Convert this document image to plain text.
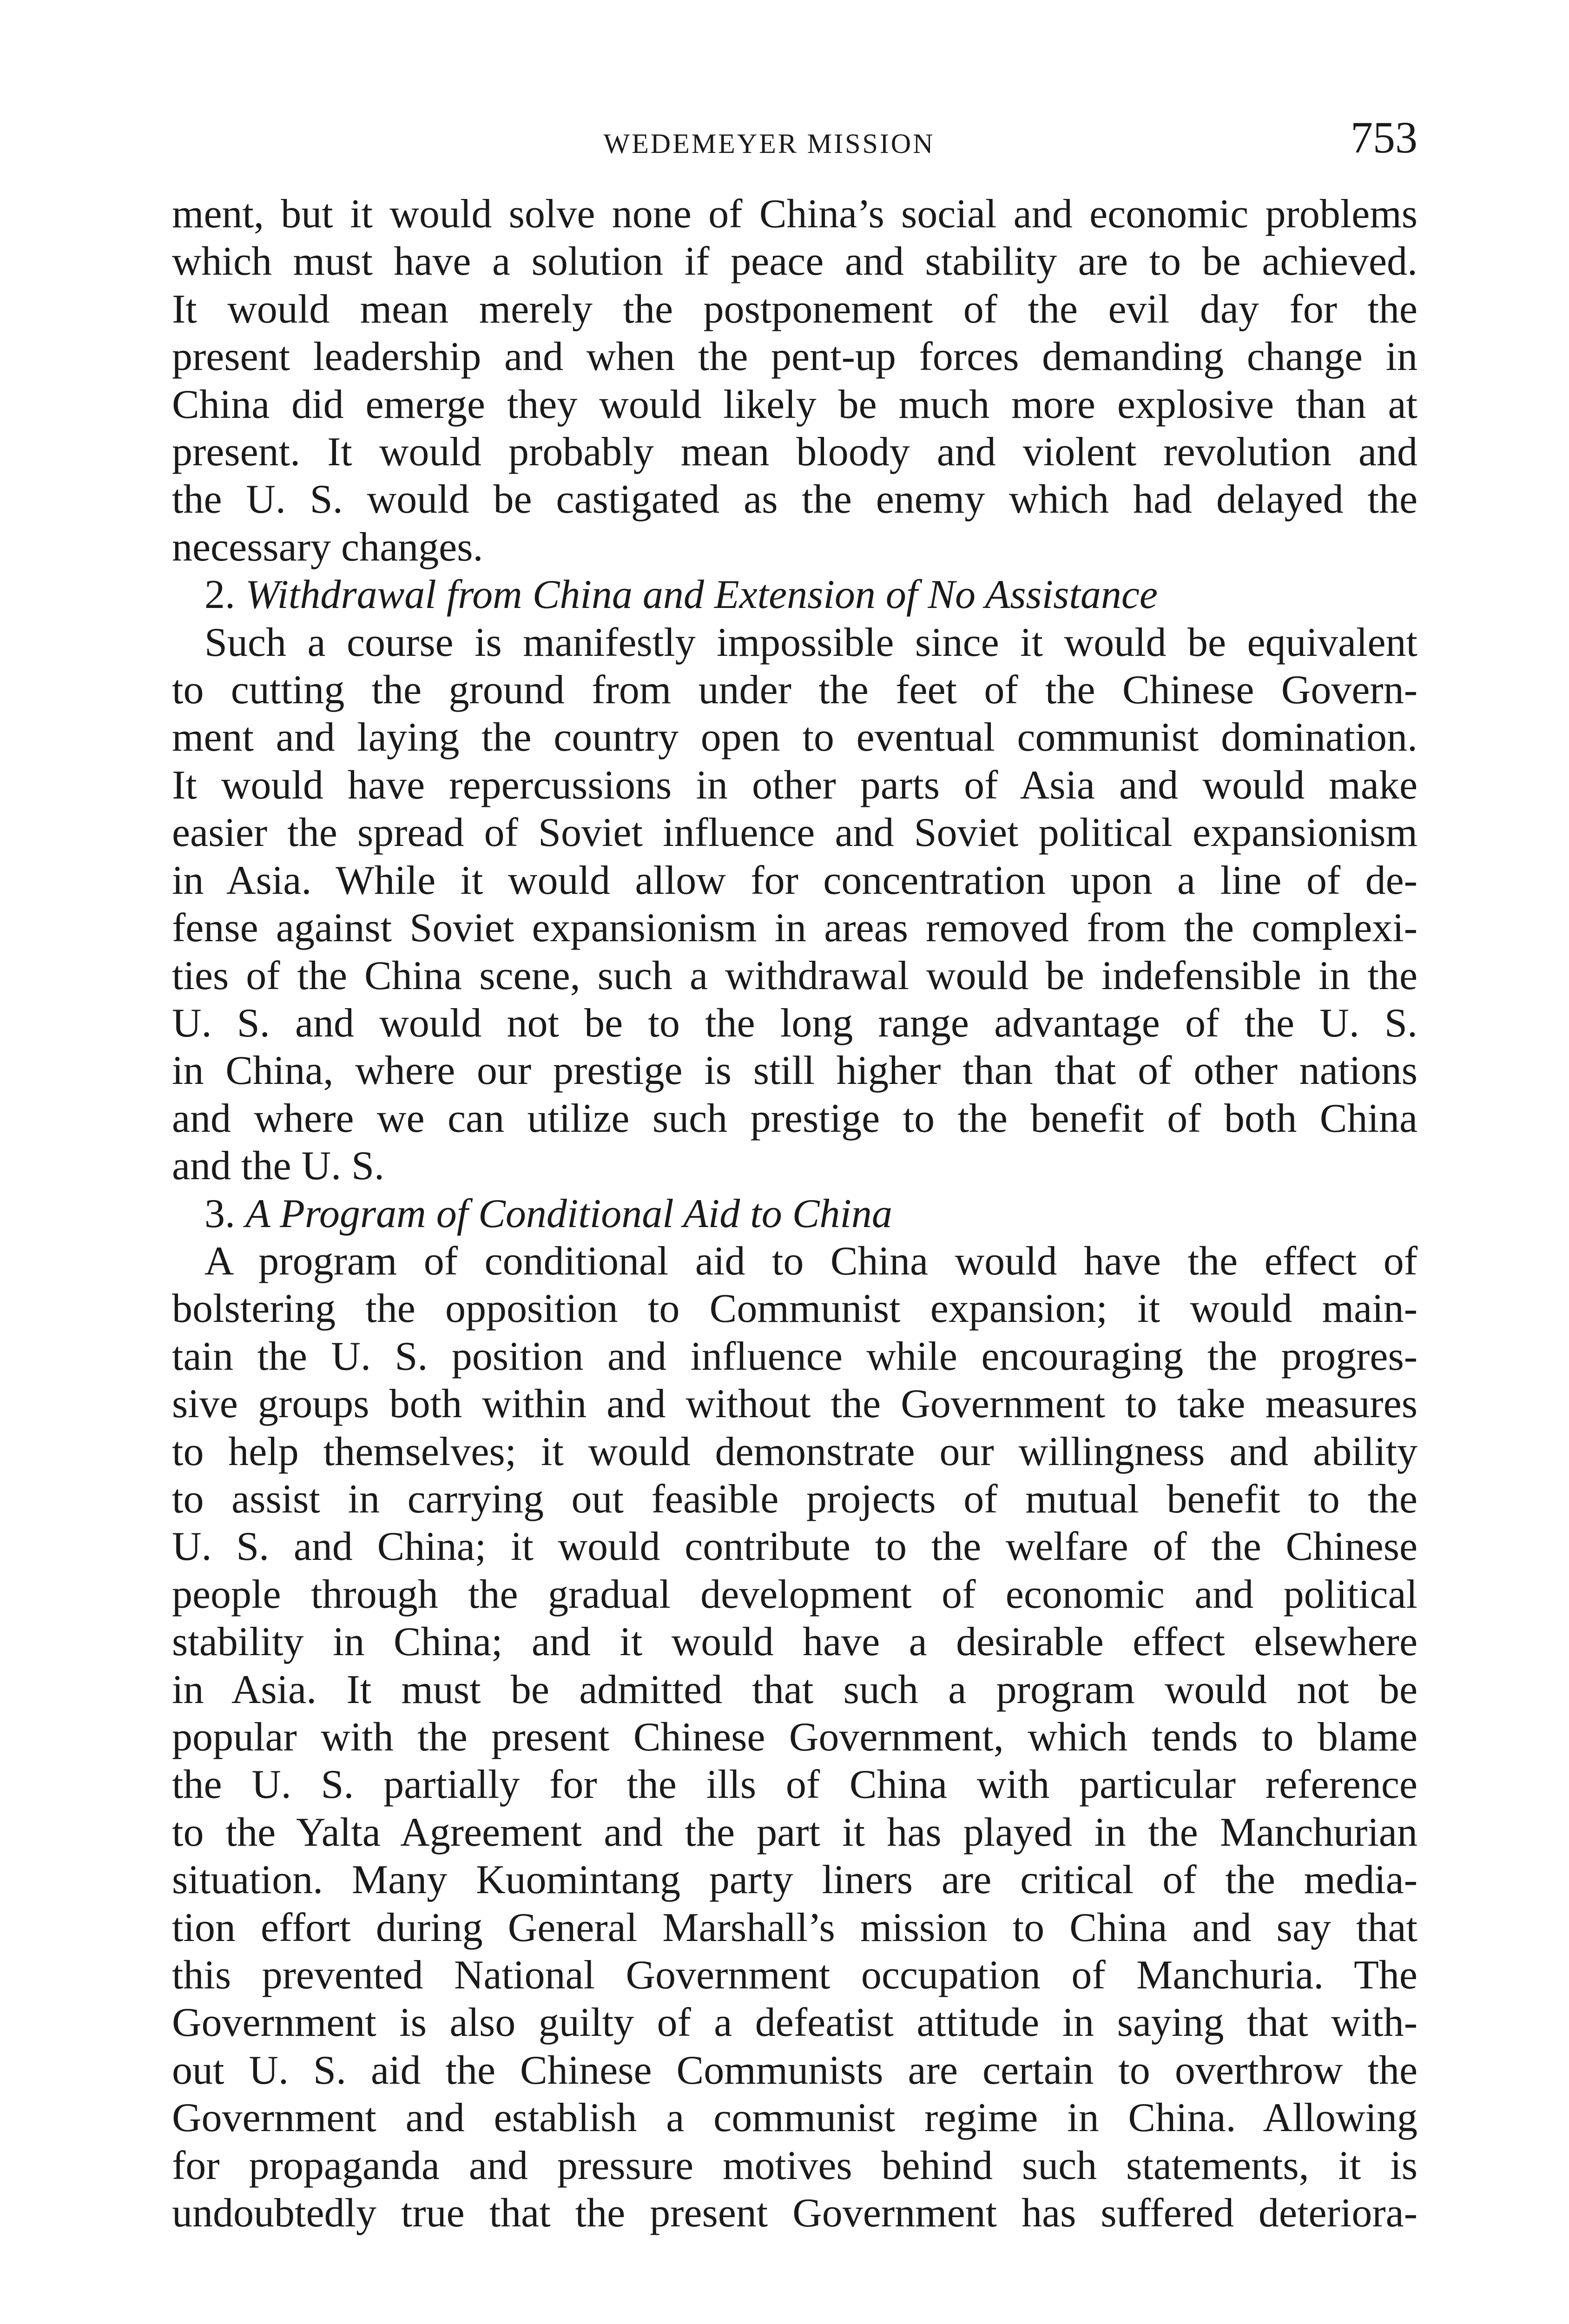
WEDEMEYER MISSION	753
ment, but it would solve none of China’s social and economic problems
which must have a solution if peace and stability are to be achieved.
It would mean merely the postponement of the evil day for the
present leadership and when the pent-up forces demanding change in
China did emerge they would likely be much more explosive than at
present. It would probably mean bloody and violent revolution and
the U. S. would be castigated as the enemy which had delayed the
necessary changes.
2. Withdrawal from China and Extension of No Assistance
Such a course is manifestly impossible since it would be equivalent
to cutting the ground from under the feet of the Chinese Govern-
ment and laying the country open to eventual communist domination.
It would have repercussions in other parts of Asia and would make
easier the spread of Soviet influence and Soviet political expansionism
in Asia. While it would allow for concentration upon a line of de-
fense against Soviet expansionism in areas removed from the complexi-
ties of the China scene, such a withdrawal would be indefensible in the
U. S. and would not be to the long range advantage of the U. S.
in China, where our prestige is still higher than that of other nations
and where we can utilize such prestige to the benefit of both China
and the U. S.
3. A Program of Conditional Aid to China
A program of conditional aid to China would have the effect of
bolstering the opposition to Communist expansion; it would main-
tain the U. S. position and influence while encouraging the progres-
sive groups both within and without the Government to take measures
to help themselves; it would demonstrate our willingness and ability
to assist in carrying out feasible projects of mutual benefit to the
U. S. and China; it would contribute to the welfare of the Chinese
people through the gradual development of economic and political
stability in China; and it would have a desirable effect elsewhere
in Asia. It must be admitted that such a program would not be
popular with the present Chinese Government, which tends to blame
the U. S. partially for the ills of China with particular reference
to the Yalta Agreement and the part it has played in the Manchurian
situation. Many Kuomintang party liners are critical of the media-
tion effort during General Marshall’s mission to China and say that
this prevented National Government occupation of Manchuria. The
Government is also guilty of a defeatist attitude in saying that with-
out U. S. aid the Chinese Communists are certain to overthrow the
Government and establish a communist regime in China. Allowing
for propaganda and pressure motives behind such statements, it is
undoubtedly true that the present Government has suffered deteriora-
